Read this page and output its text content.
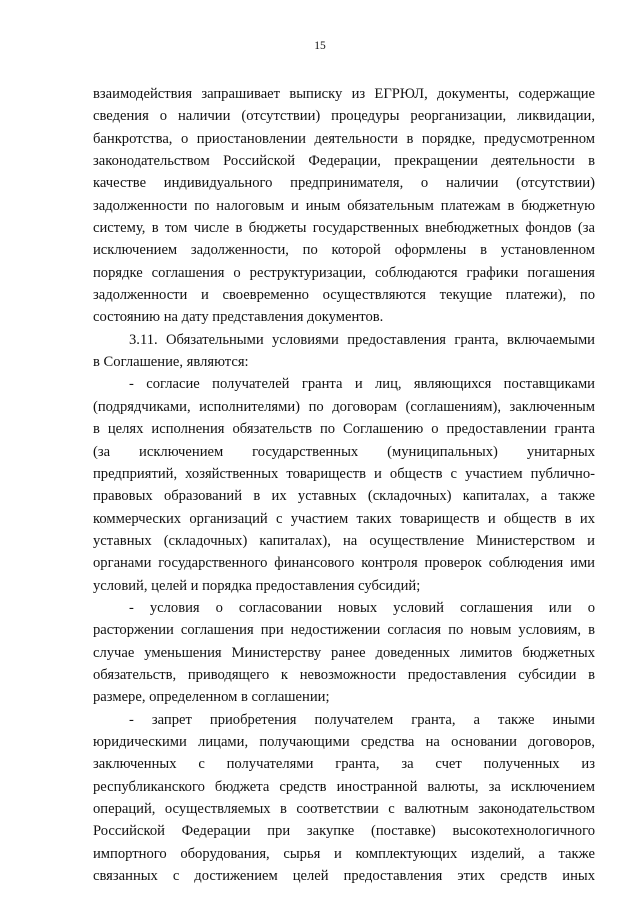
15

взаимодействия запрашивает выписку из ЕГРЮЛ, документы, содержащие

сведения о наличии (отсутствии) процедуры реорганизации, ликвидации,

банкротства, о приостановлении деятельности в порядке, предусмотренном

законодательством Российской Федерации, прекращении деятельности в

качестве индивидуального предпринимателя, о наличии (отсутствии)

задолженности по налоговым и иным обязательным платежам в бюджетную

систему, в том числе в бюджеты государственных внебюджетных фондов (за

исключением задолженности, по которой оформлены в установленном

порядке соглашения о реструктуризации, соблюдаются графики погашения

задолженности и своевременно осуществляются текущие платежи), по

состоянию на дату представления документов.

3.11. Обязательными условиями предоставления гранта, включаемыми

в Соглашение, являются:

- согласие получателей гранта и лиц, являющихся поставщиками

(подрядчиками, исполнителями) по договорам (соглашениям), заключенным

в целях исполнения обязательств по Соглашению о предоставлении гранта

(за исключением государственных (муниципальных) унитарных

предприятий, хозяйственных товариществ и обществ с участием публично-

правовых образований в их уставных (складочных) капиталах, а также

коммерческих организаций с участием таких товариществ и обществ в их

уставных (складочных) капиталах), на осуществление Министерством и

органами государственного финансового контроля проверок соблюдения ими

условий, целей и порядка предоставления субсидий;

- условия о согласовании новых условий соглашения или о

расторжении соглашения при недостижении согласия по новым условиям, в

случае уменьшения Министерству ранее доведенных лимитов бюджетных

обязательств, приводящего к невозможности предоставления субсидии в

размере, определенном в соглашении;

- запрет приобретения получателем гранта, а также иными

юридическими лицами, получающими средства на основании договоров,

заключенных с получателями гранта, за счет полученных из

республиканского бюджета средств иностранной валюты, за исключением

операций, осуществляемых в соответствии с валютным законодательством

Российской Федерации при закупке (поставке) высокотехнологичного

импортного оборудования, сырья и комплектующих изделий, а также

связанных с достижением целей предоставления этих средств иных
